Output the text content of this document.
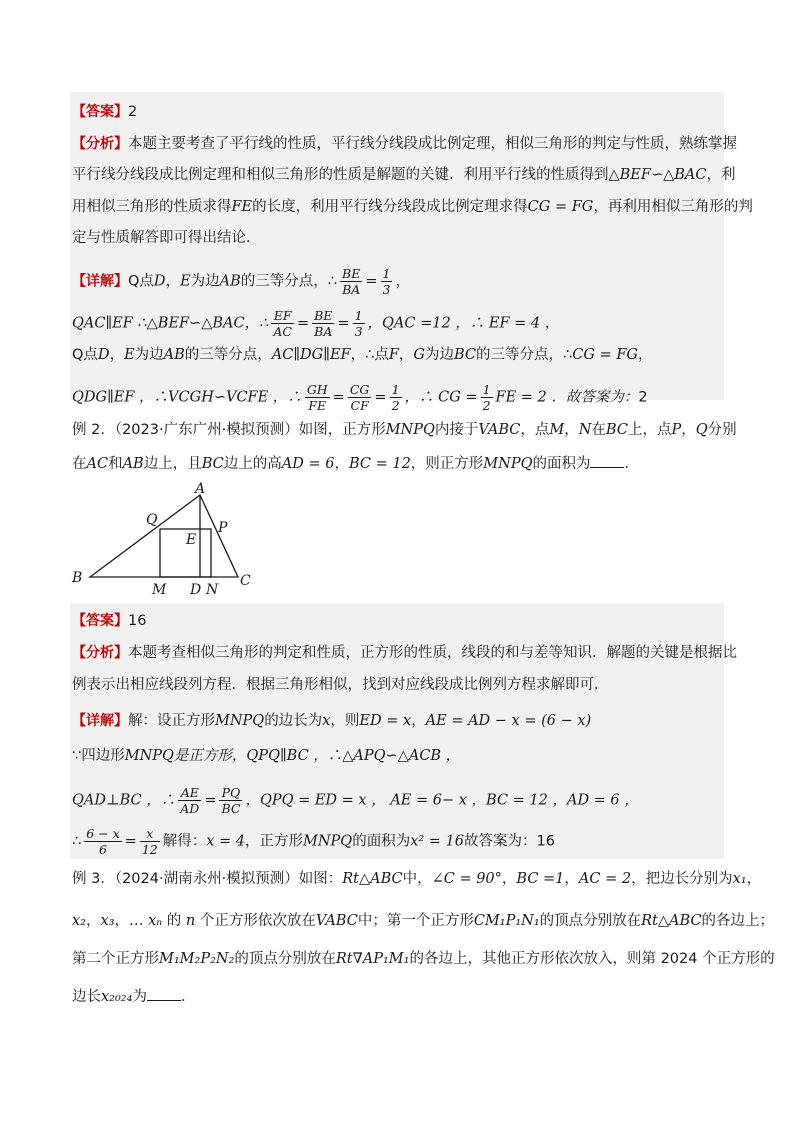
【答案】2
【分析】本题主要考查了平行线的性质，平行线分线段成比例定理，相似三角形的判定与性质，熟练掌握
平行线分线段成比例定理和相似三角形的性质是解题的关键．利用平行线的性质得到△BEF∽△BAC，利
用相似三角形的性质求得FE的长度，利用平行线分线段成比例定理求得CG = FG，再利用相似三角形的判
定与性质解答即可得出结论．
【详解】Q点D，E为边AB的三等分点，∴ $\frac{BE}{BA} = \frac{1}{3}$ ，
QAC∥EF ∴△BEF∽△BAC，∴ $\frac{EF}{AC} = \frac{BE}{BA} = \frac{1}{3}$ ，QAC =12 ，∴ EF = 4 ，
Q点D，E为边AB的三等分点，AC∥DG∥EF，∴点F，G为边BC的三等分点，∴CG = FG，
QDG∥EF ，∴VCGH∽VCFE ，∴ $\frac{GH}{FE} = \frac{CG}{CF} = \frac{1}{2}$ ，∴ CG = $\frac{1}{2}$ FE = 2 ．故答案为：2
例 2．（2023·广东广州·模拟预测）如图，正方形MNPQ内接于VABC，点M，N在BC上，点P，Q分别
在AC和AB边上，且BC边上的高AD = 6，BC = 12，则正方形MNPQ的面积为 ．
A
B	C
D
E
M	N
P
Q
【答案】16
【分析】本题考查相似三角形的判定和性质，正方形的性质，线段的和与差等知识．解题的关键是根据比
例表示出相应线段列方程．根据三角形相似，找到对应线段成比例列方程求解即可．
【详解】解：设正方形MNPQ的边长为x，则ED = x，AE = AD − x = (6 − x)
∵四边形MNPQ是正方形，QPQ∥BC ，∴△APQ∽△ACB ，
QAD⊥BC ，∴ $\frac{AE}{AD} = \frac{PQ}{BC}$ ，QPQ = ED = x ， AE = 6− x ，BC = 12 ，AD = 6 ，
∴ $\frac{6 - x}{6} = \frac{x}{12}$ 解得：x = 4，正方形MNPQ的面积为x² = 16故答案为：16
例 3．（2024·湖南永州·模拟预测）如图：Rt△ABC中，∠C = 90°，BC =1，AC = 2，把边长分别为x₁，
x₂，x₃，… xₙ 的 n 个正方形依次放在VABC中；第一个正方形CM₁P₁N₁的顶点分别放在Rt△ABC的各边上；
第二个正方形M₁M₂P₂N₂的顶点分别放在Rt∇AP₁M₁的各边上，其他正方形依次放入，则第 2024 个正方形的
边长x₂₀₂₄为 ．
